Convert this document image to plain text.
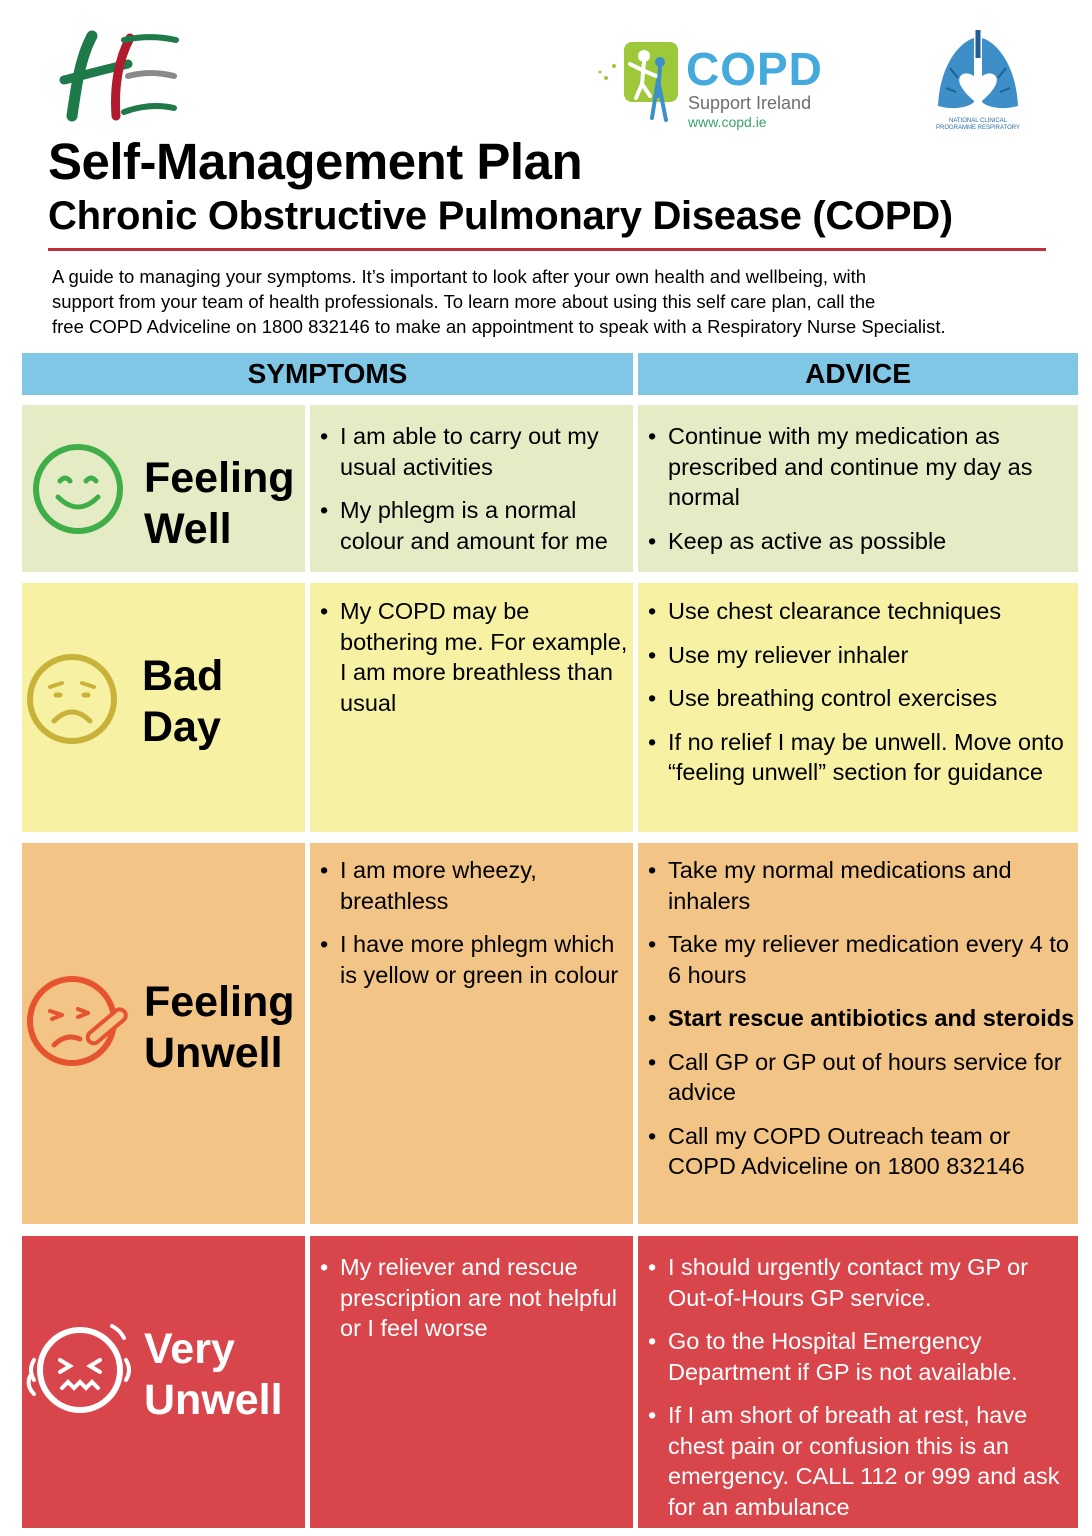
COPD
Support Ireland
www.copd.ie	NATIONAL CLINICAL PROGRAMME RESPIRATORY
Self-Management Plan
Chronic Obstructive Pulmonary Disease (COPD)

A guide to managing your symptoms. It’s important to look after your own health and wellbeing, with

support from your team of health professionals. To learn more about using this self care plan, call the

free COPD Adviceline on 1800 832146 to make an appointment to speak with a Respiratory Nurse Specialist.

SYMPTOMS	ADVICE
Feeling
Well
• I am able to carry out my usual activities
• My phlegm is a normal colour and amount for me
• Continue with my medication as prescribed and continue my day as normal
• Keep as active as possible
Bad
Day
• My COPD may be bothering me. For example, I am more breathless than usual
• Use chest clearance techniques
• Use my reliever inhaler
• Use breathing control exercises
• If no relief I may be unwell. Move onto “feeling unwell” section for guidance
Feeling
Unwell
• I am more wheezy, breathless
• I have more phlegm which is yellow or green in colour
• Take my normal medications and inhalers
• Take my reliever medication every 4 to 6 hours
• Start rescue antibiotics and steroids
• Call GP or GP out of hours service for advice
• Call my COPD Outreach team or COPD Adviceline on 1800 832146
Very
Unwell
• My reliever and rescue prescription are not helpful or I feel worse
• I should urgently contact my GP or Out-of-Hours GP service.
• Go to the Hospital Emergency Department if GP is not available.
• If I am short of breath at rest, have chest pain or confusion this is an emergency. CALL 112 or 999 and ask for an ambulance
